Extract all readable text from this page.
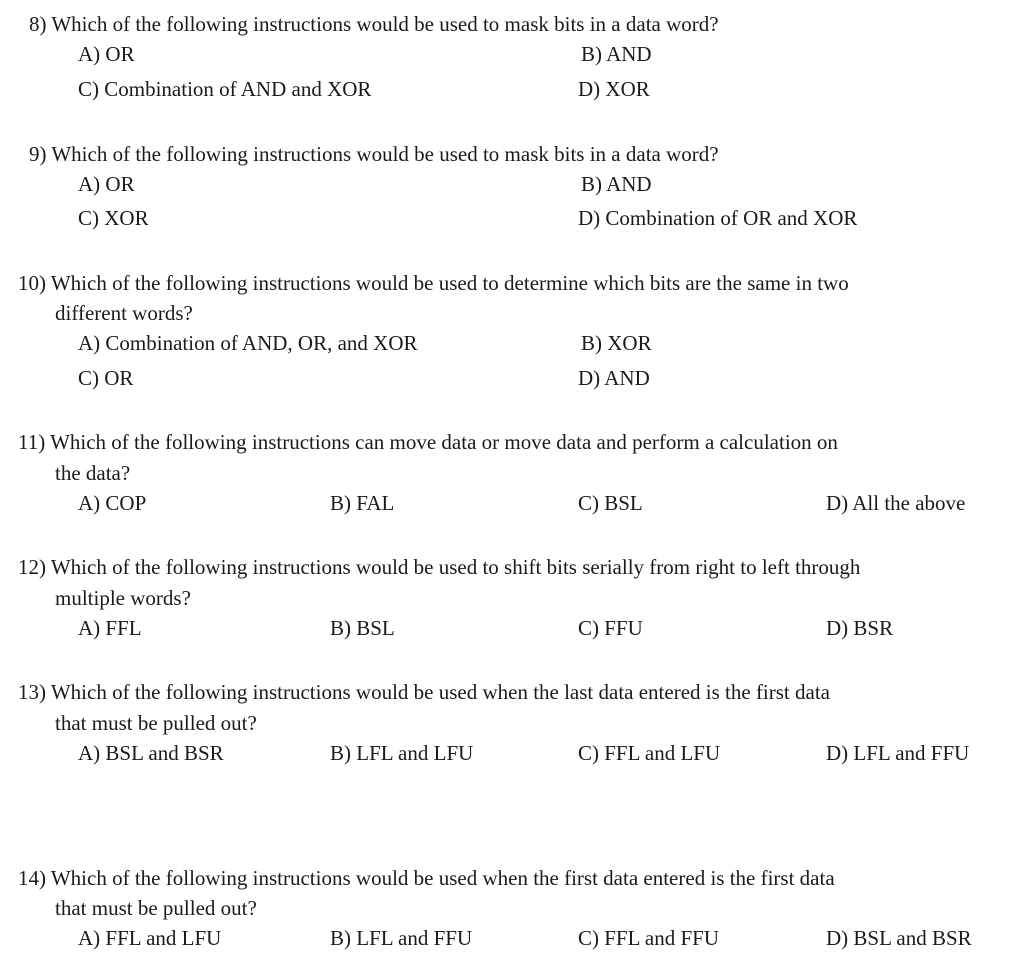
8) Which of the following instructions would be used to mask bits in a data word?
A) OR	B) AND
C) Combination of AND and XOR	D) XOR
9) Which of the following instructions would be used to mask bits in a data word?
A) OR	B) AND
C) XOR	D) Combination of OR and XOR
10) Which of the following instructions would be used to determine which bits are the same in two
different words?
A) Combination of AND, OR, and XOR	B) XOR
C) OR	D) AND
11) Which of the following instructions can move data or move data and perform a calculation on
the data?
A) COP	B) FAL	C) BSL	D) All the above
12) Which of the following instructions would be used to shift bits serially from right to left through
multiple words?
A) FFL	B) BSL	C) FFU	D) BSR
13) Which of the following instructions would be used when the last data entered is the first data
that must be pulled out?
A) BSL and BSR	B) LFL and LFU	C) FFL and LFU	D) LFL and FFU
14) Which of the following instructions would be used when the first data entered is the first data
that must be pulled out?
A) FFL and LFU	B) LFL and FFU	C) FFL and FFU	D) BSL and BSR
